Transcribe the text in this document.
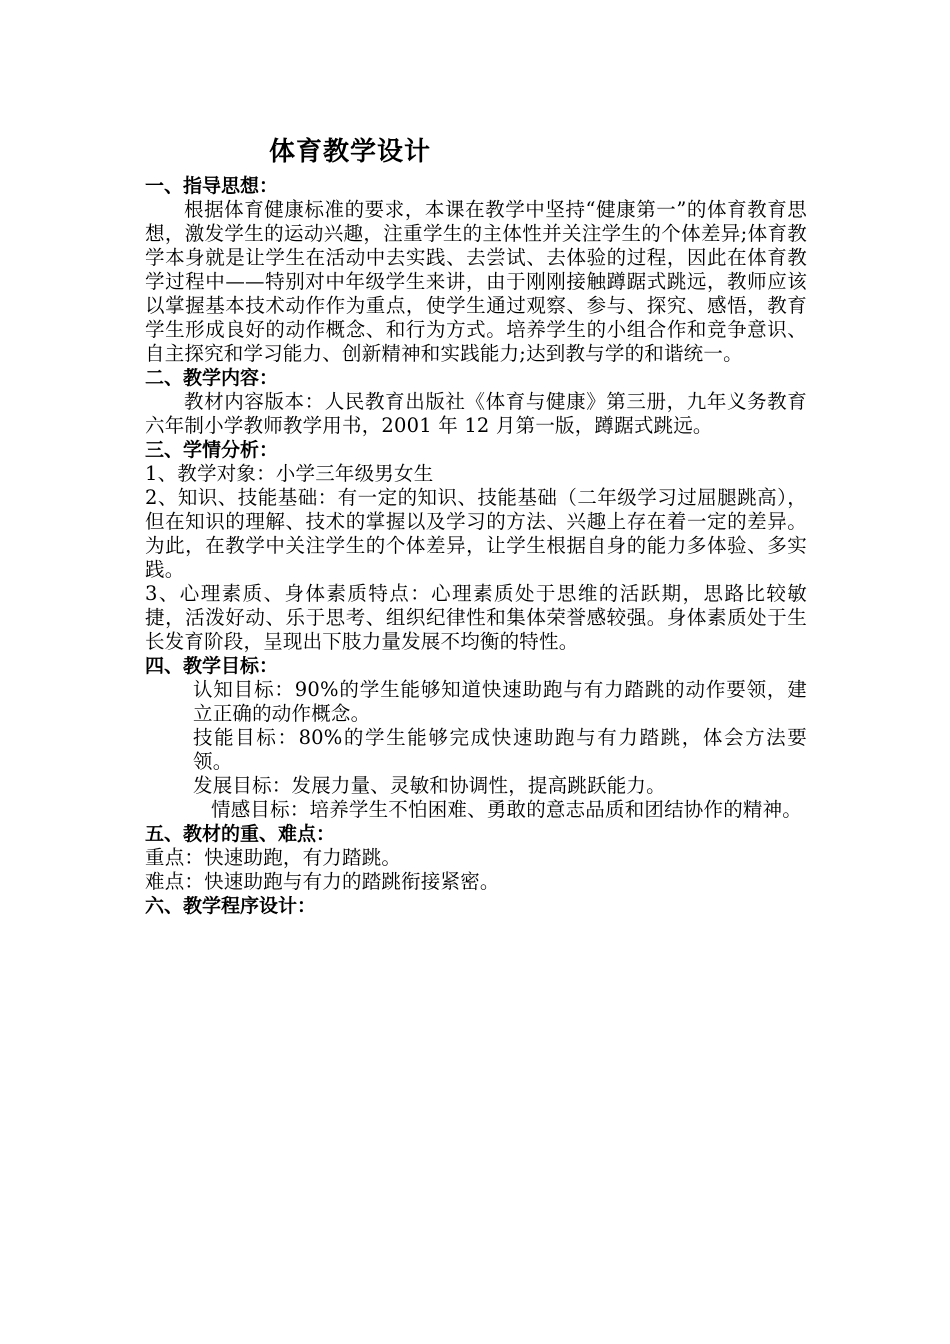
体育教学设计
一、指导思想：

根据体育健康标准的要求，本课在教学中坚持“健康第一”的体育教育思想，激发学生的运动兴趣，注重学生的主体性并关注学生的个体差异;体育教学本身就是让学生在活动中去实践、去尝试、去体验的过程，因此在体育教学过程中——特别对中年级学生来讲，由于刚刚接触蹲踞式跳远，教师应该以掌握基本技术动作作为重点，使学生通过观察、参与、探究、感悟，教育学生形成良好的动作概念、和行为方式。培养学生的小组合作和竞争意识、自主探究和学习能力、创新精神和实践能力;达到教与学的和谐统一。

二、教学内容：

教材内容版本：人民教育出版社《体育与健康》第三册，九年义务教育六年制小学教师教学用书，2001 年 12 月第一版，蹲踞式跳远。

三、学情分析：

1、教学对象：小学三年级男女生

2、知识、技能基础：有一定的知识、技能基础（二年级学习过屈腿跳高），但在知识的理解、技术的掌握以及学习的方法、兴趣上存在着一定的差异。为此，在教学中关注学生的个体差异，让学生根据自身的能力多体验、多实践。

3、心理素质、身体素质特点：心理素质处于思维的活跃期，思路比较敏捷，活泼好动、乐于思考、组织纪律性和集体荣誉感较强。身体素质处于生长发育阶段，呈现出下肢力量发展不均衡的特性。

四、教学目标：

认知目标：90%的学生能够知道快速助跑与有力踏跳的动作要领，建立正确的动作概念。

技能目标：80%的学生能够完成快速助跑与有力踏跳，体会方法要领。

发展目标：发展力量、灵敏和协调性，提高跳跃能力。

情感目标：培养学生不怕困难、勇敢的意志品质和团结协作的精神。

五、教材的重、难点：

重点：快速助跑，有力踏跳。

难点：快速助跑与有力的踏跳衔接紧密。

六、教学程序设计：
